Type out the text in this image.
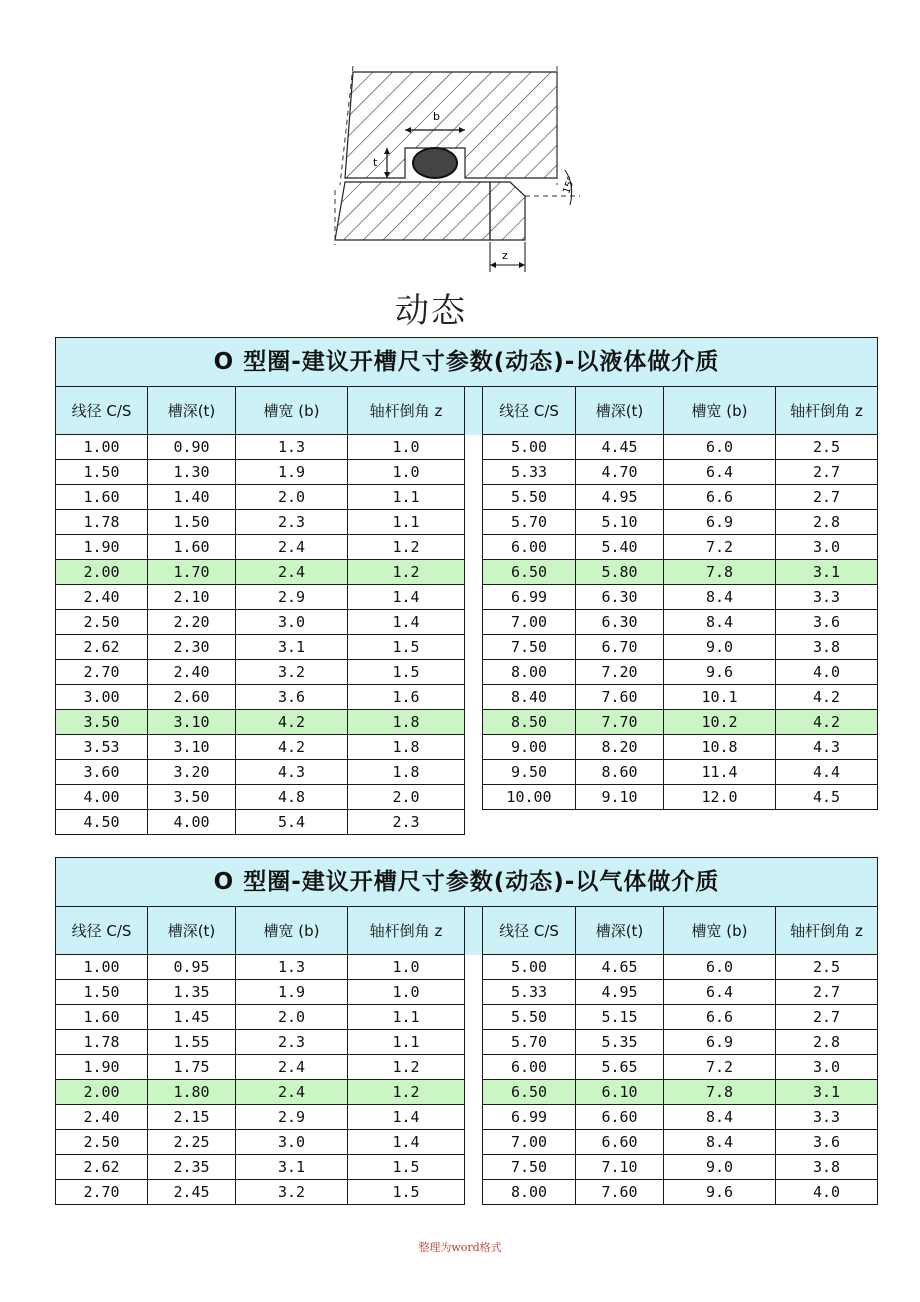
b
t
z
15°
动态
O 型圈-建议开槽尺寸参数(动态)-以液体做介质								
线径 C/S	槽深(t)	槽宽 (b)	轴杆倒角 z		线径 C/S	槽深(t)	槽宽 (b)	轴杆倒角 z
1.00	0.90	1.3	1.0		5.00	4.45	6.0	2.5
1.50	1.30	1.9	1.0		5.33	4.70	6.4	2.7
1.60	1.40	2.0	1.1		5.50	4.95	6.6	2.7
1.78	1.50	2.3	1.1		5.70	5.10	6.9	2.8
1.90	1.60	2.4	1.2		6.00	5.40	7.2	3.0
2.00	1.70	2.4	1.2		6.50	5.80	7.8	3.1
2.40	2.10	2.9	1.4		6.99	6.30	8.4	3.3
2.50	2.20	3.0	1.4		7.00	6.30	8.4	3.6
2.62	2.30	3.1	1.5		7.50	6.70	9.0	3.8
2.70	2.40	3.2	1.5		8.00	7.20	9.6	4.0
3.00	2.60	3.6	1.6		8.40	7.60	10.1	4.2
3.50	3.10	4.2	1.8		8.50	7.70	10.2	4.2
3.53	3.10	4.2	1.8		9.00	8.20	10.8	4.3
3.60	3.20	4.3	1.8		9.50	8.60	11.4	4.4
4.00	3.50	4.8	2.0		10.00	9.10	12.0	4.5
4.50	4.00	5.4	2.3					
O 型圈-建议开槽尺寸参数(动态)-以气体做介质								
线径 C/S	槽深(t)	槽宽 (b)	轴杆倒角 z		线径 C/S	槽深(t)	槽宽 (b)	轴杆倒角 z
1.00	0.95	1.3	1.0		5.00	4.65	6.0	2.5
1.50	1.35	1.9	1.0		5.33	4.95	6.4	2.7
1.60	1.45	2.0	1.1		5.50	5.15	6.6	2.7
1.78	1.55	2.3	1.1		5.70	5.35	6.9	2.8
1.90	1.75	2.4	1.2		6.00	5.65	7.2	3.0
2.00	1.80	2.4	1.2		6.50	6.10	7.8	3.1
2.40	2.15	2.9	1.4		6.99	6.60	8.4	3.3
2.50	2.25	3.0	1.4		7.00	6.60	8.4	3.6
2.62	2.35	3.1	1.5		7.50	7.10	9.0	3.8
2.70	2.45	3.2	1.5		8.00	7.60	9.6	4.0
整理为word格式
